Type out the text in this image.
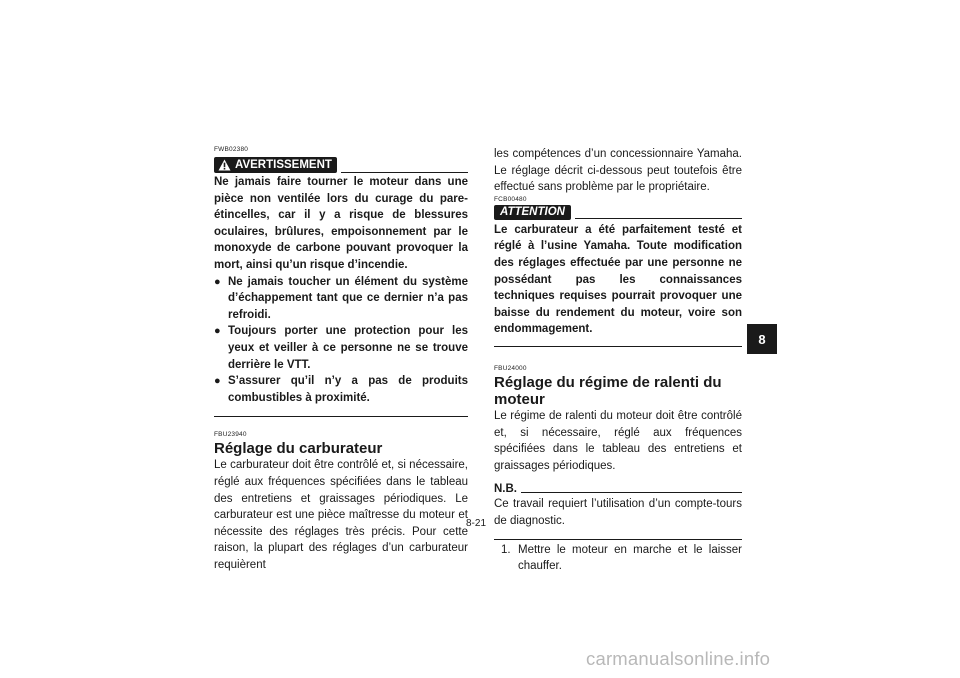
FWB02380
AVERTISSEMENT
Ne jamais faire tourner le moteur dans une pièce non ventilée lors du curage du pare-étincelles, car il y a risque de blessures oculaires, brûlures, empoisonnement par le monoxyde de carbone pouvant provoquer la mort, ainsi qu’un risque d’incendie.
● Ne jamais toucher un élément du système d’échappement tant que ce dernier n’a pas refroidi.
● Toujours porter une protection pour les yeux et veiller à ce personne ne se trouve derrière le VTT.
● S’assurer qu’il n’y a pas de produits combustibles à proximité.
FBU23940
Réglage du carburateur
Le carburateur doit être contrôlé et, si nécessaire, réglé aux fréquences spécifiées dans le tableau des entretiens et graissages périodiques. Le carburateur est une pièce maîtresse du moteur et nécessite des réglages très précis. Pour cette raison, la plupart des réglages d’un carburateur requièrent
les compétences d’un concessionnaire Yamaha. Le réglage décrit ci-dessous peut toutefois être effectué sans problème par le propriétaire.
FCB00480
ATTENTION
Le carburateur a été parfaitement testé et réglé à l’usine Yamaha. Toute modification des réglages effectuée par une personne ne possédant pas les connaissances techniques requises pourrait provoquer une baisse du rendement du moteur, voire son endommagement.
FBU24000
Réglage du régime de ralenti du moteur
Le régime de ralenti du moteur doit être contrôlé et, si nécessaire, réglé aux fréquences spécifiées dans le tableau des entretiens et graissages périodiques.
N.B.
Ce travail requiert l’utilisation d’un compte-tours de diagnostic.
1. Mettre le moteur en marche et le laisser chauffer.
8
8-21
carmanualsonline.info
